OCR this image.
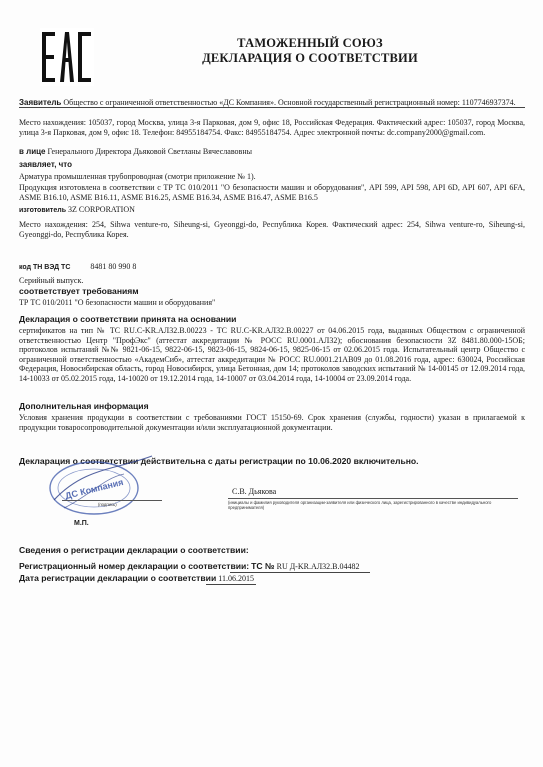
ТАМОЖЕННЫЙ СОЮЗ
ДЕКЛАРАЦИЯ О СООТВЕТСТВИИ
Заявитель Общество с ограниченной ответственностью «ДС Компания». Основной государственный регистрационный номер: 1107746937374.
Место нахождения: 105037, город Москва, улица 3-я Парковая, дом 9, офис 18, Российская Федерация. Фактический адрес: 105037, город Москва, улица 3-я Парковая, дом 9, офис 18. Телефон: 84955184754. Факс: 84955184754. Адрес электронной почты: dc.company2000@gmail.com.
в лице Генерального Директора Дьяковой Светланы Вячеславовны
заявляет, что
Арматура промышленная трубопроводная (смотри приложение № 1).
Продукция изготовлена в соответствии с ТР ТС 010/2011 "О безопасности машин и оборудования", API 599, API 598, API 6D, API 607, API 6FA, ASME B16.10, ASME B16.11, ASME B16.25, ASME B16.34, ASME B16.47, ASME B16.5
изготовитель 3Z CORPORATION
Место нахождения: 254, Sihwa venture-ro, Siheung-si, Gyeonggi-do, Республика Корея. Фактический адрес: 254, Sihwa venture-ro, Siheung-si, Gyeonggi-do, Республика Корея.
код ТН ВЭД ТС	8481 80 990 8
Серийный выпуск.
соответствует требованиям
ТР ТС 010/2011 "О безопасности машин и оборудования"
Декларация о соответствии принята на основании
сертификатов на тип № ТС RU.C-KR.АЛ32.В.00223 - ТС RU.C-KR.АЛ32.В.00227 от 04.06.2015 года, выданных Обществом с ограниченной ответственностью Центр "ПрофЭкс" (аттестат аккредитации № РОСС RU.0001.АЛ32); обоснования безопасности 3Z 8481.80.000-15ОБ; протоколов испытаний №№ 9821-06-15, 9822-06-15, 9823-06-15, 9824-06-15, 9825-06-15 от 02.06.2015 года. Испытательный центр Общество с ограниченной ответственностью «АкадемСиб», аттестат аккредитации № РОСС RU.0001.21АВ09 до 01.08.2016 года, адрес: 630024, Российская Федерация, Новосибирская область, город Новосибирск, улица Бетонная, дом 14; протоколов заводских испытаний № 14-00145 от 12.09.2014 года, 14-10033 от 05.02.2015 года, 14-10020 от 19.12.2014 года, 14-10007 от 03.04.2014 года, 14-10004 от 23.09.2014 года.
Дополнительная информация
Условия хранения продукции в соответствии с требованиями ГОСТ 15150-69. Срок хранения (службы, годности) указан в прилагаемой к продукции товаросопроводительной документации и/или эксплуатационной документации.
Декларация о соответствии действительна с даты регистрации по 10.06.2020 включительно.
ДС Компания
(подпись)
С.В. Дьякова
(инициалы и фамилия руководителя организации-заявителя или физического лица, зарегистрированного в качестве индивидуального предпринимателя)
М.П.
Сведения о регистрации декларации о соответствии:
Регистрационный номер декларации о соответствии: ТС № RU Д-KR.АЛ32.В.04482
Дата регистрации декларации о соответствии 11.06.2015
